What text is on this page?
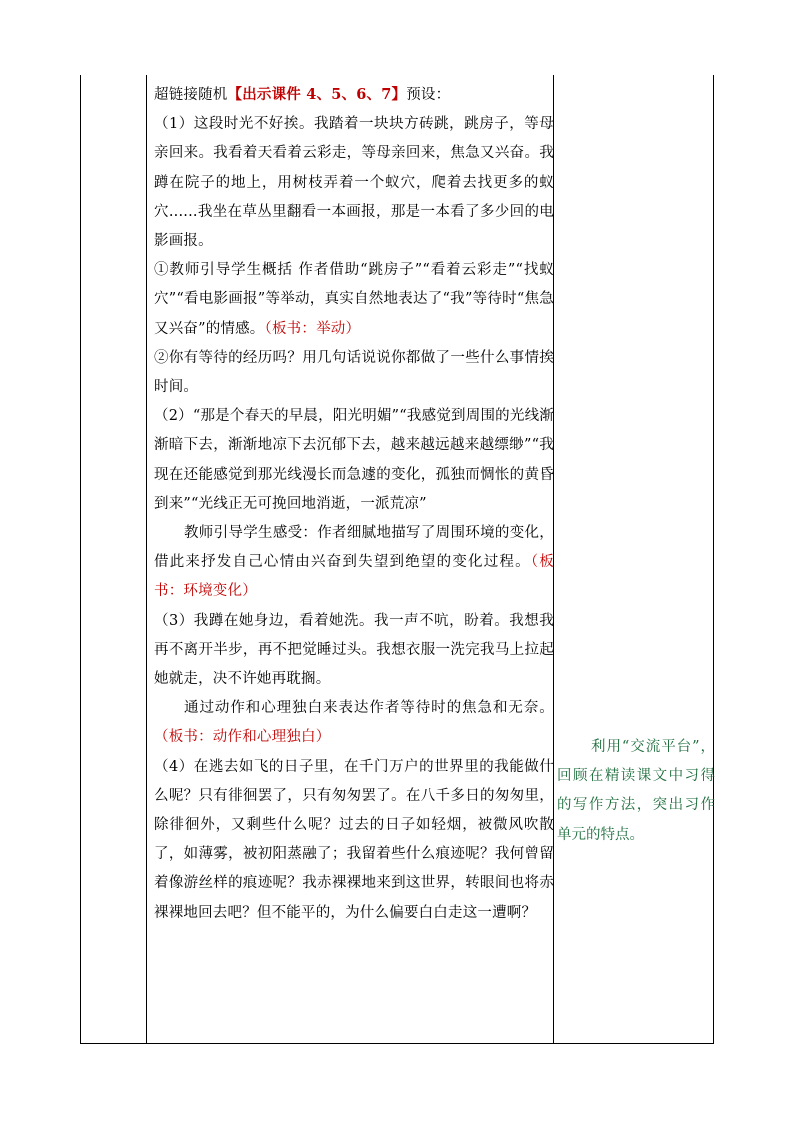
超链接随机【出示课件 4、5、6、7】预设：

（1）这段时光不好挨。我踏着一块块方砖跳，跳房子，等母亲回来。我看着天看着云彩走，等母亲回来，焦急又兴奋。我蹲在院子的地上，用树枝弄着一个蚁穴，爬着去找更多的蚁穴......我坐在草丛里翻看一本画报，那是一本看了多少回的电影画报。

①教师引导学生概括 作者借助“跳房子”“看着云彩走”“找蚁穴”“看电影画报”等举动，真实自然地表达了“我”等待时“焦急又兴奋”的情感。（板书：举动）

②你有等待的经历吗？用几句话说说你都做了一些什么事情挨时间。

（2）“那是个春天的早晨，阳光明媚”“我感觉到周围的光线渐渐暗下去，渐渐地凉下去沉郁下去，越来越远越来越缥缈”“我现在还能感觉到那光线漫长而急遽的变化，孤独而惆怅的黄昏到来”“光线正无可挽回地消逝，一派荒凉”

教师引导学生感受：作者细腻地描写了周围环境的变化，借此来抒发自己心情由兴奋到失望到绝望的变化过程。（板书：环境变化）

（3）我蹲在她身边，看着她洗。我一声不吭，盼着。我想我再不离开半步，再不把觉睡过头。我想衣服一洗完我马上拉起她就走，决不许她再耽搁。

通过动作和心理独白来表达作者等待时的焦急和无奈。（板书：动作和心理独白）

（4）在逃去如飞的日子里，在千门万户的世界里的我能做什么呢？只有徘徊罢了，只有匆匆罢了。在八千多日的匆匆里，除徘徊外，又剩些什么呢？过去的日子如轻烟，被微风吹散了，如薄雾，被初阳蒸融了；我留着些什么痕迹呢？我何曾留着像游丝样的痕迹呢？我赤裸裸地来到这世界，转眼间也将赤裸裸地回去吧？但不能平的，为什么偏要白白走这一遭啊？

利用“交流平台”，回顾在精读课文中习得的写作方法，突出习作单元的特点。
